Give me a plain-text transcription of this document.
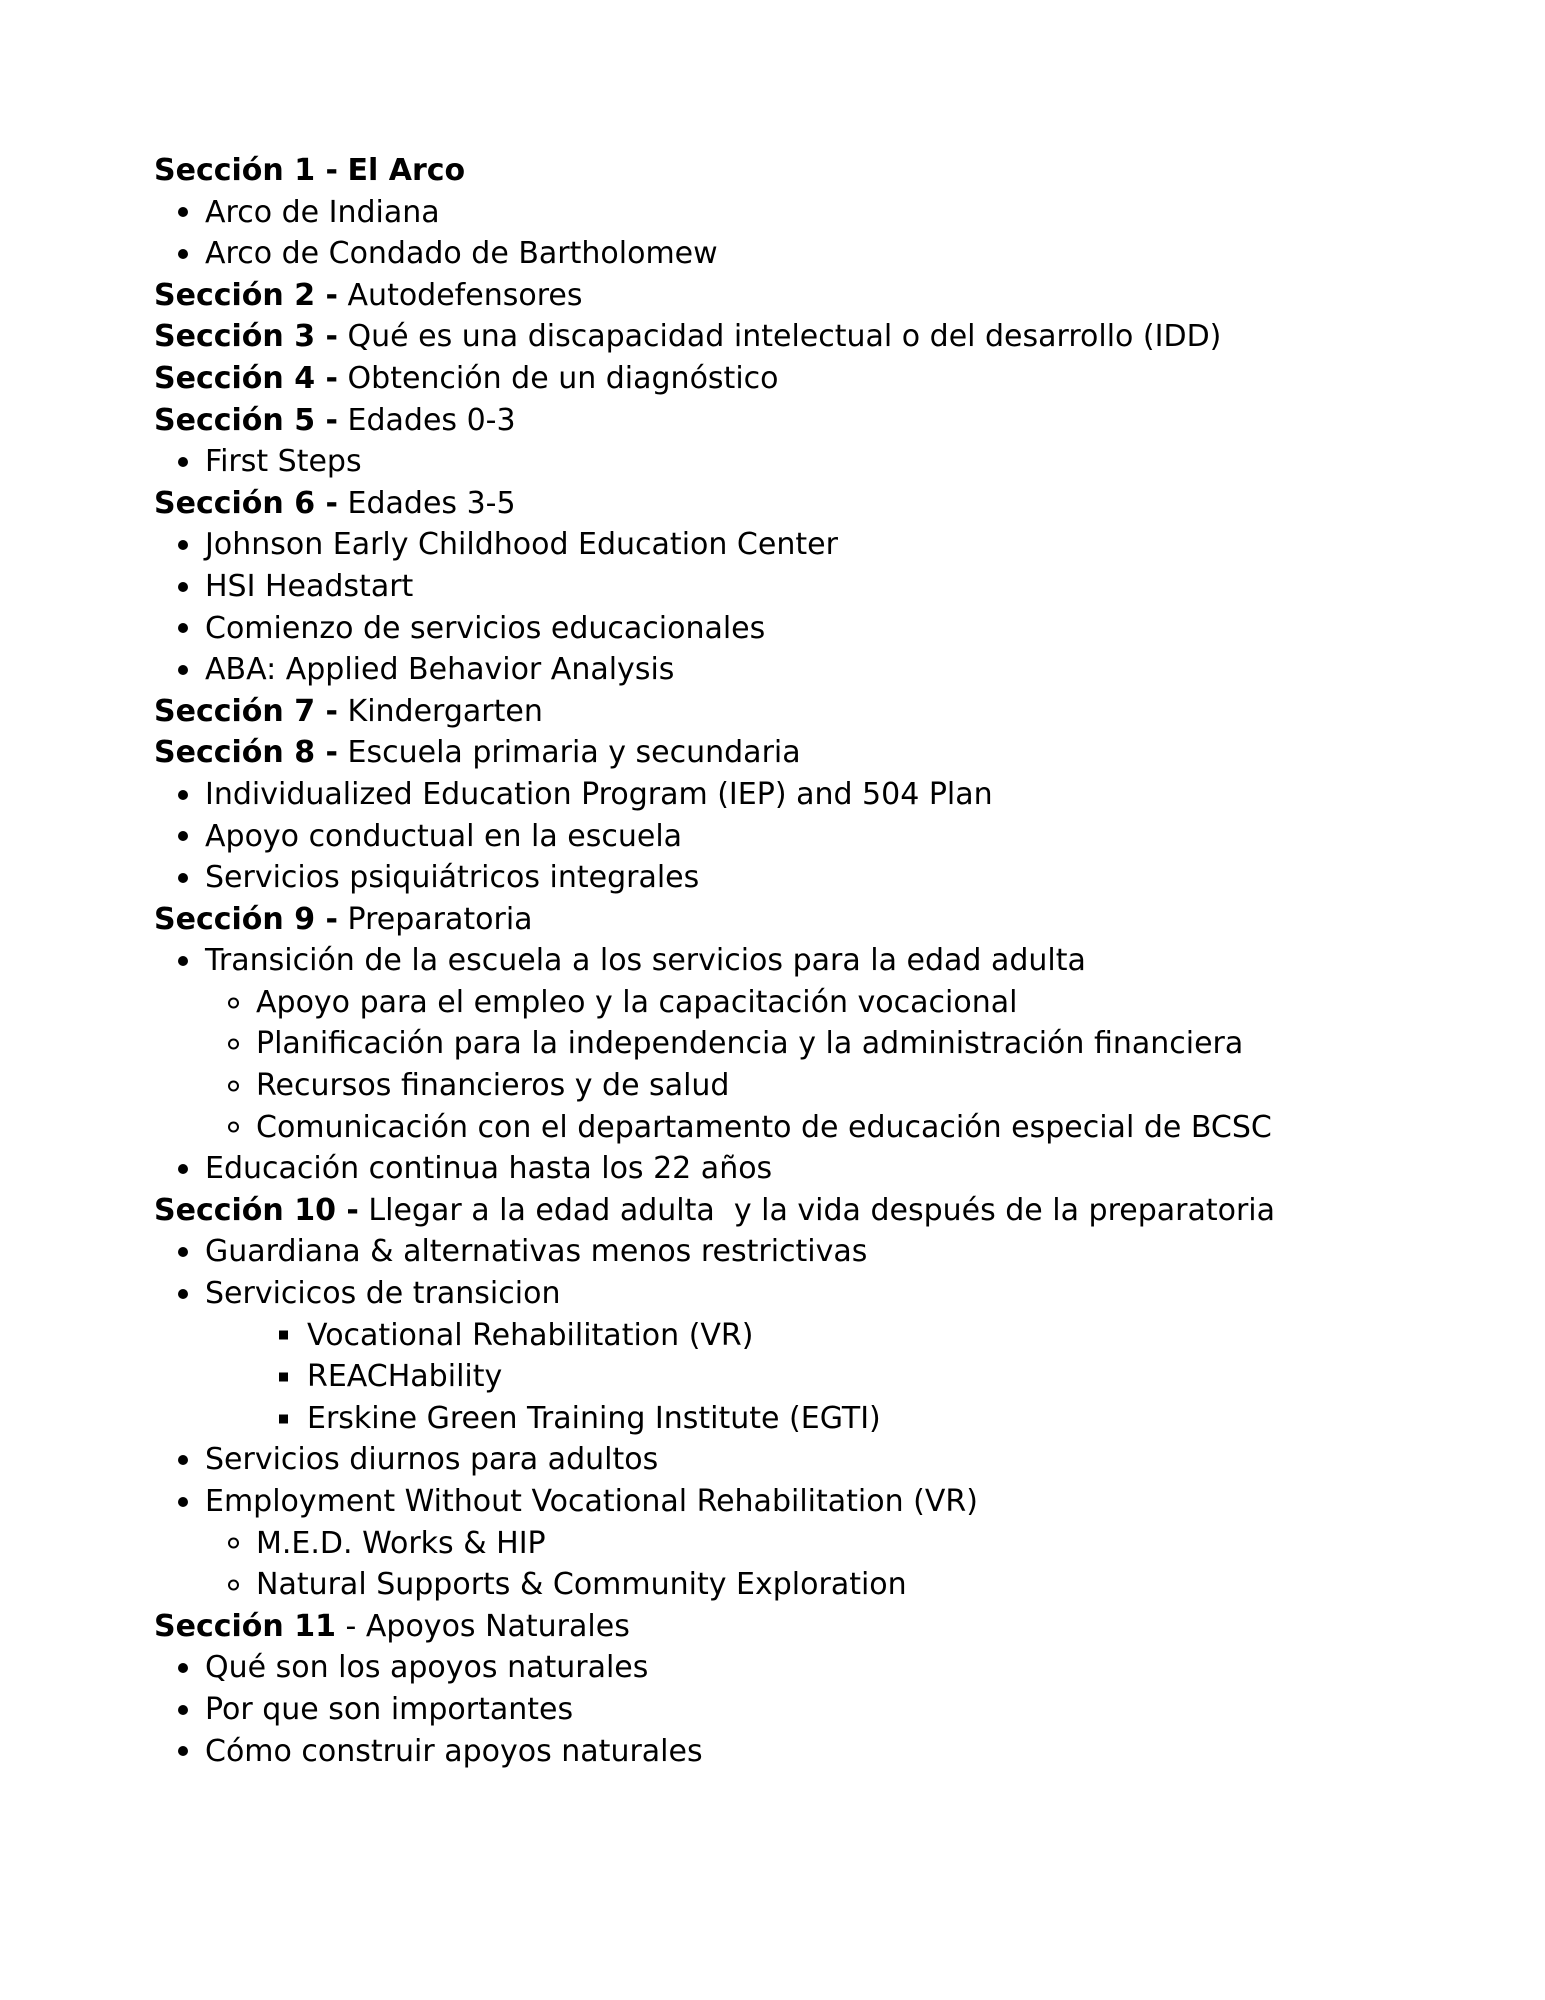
Sección 1 - El Arco
Arco de Indiana
Arco de Condado de Bartholomew
Sección 2 - Autodefensores
Sección 3 - Qué es una discapacidad intelectual o del desarrollo (IDD)
Sección 4 - Obtención de un diagnóstico
Sección 5 - Edades 0-3
First Steps
Sección 6 - Edades 3-5
Johnson Early Childhood Education Center
HSI Headstart
Comienzo de servicios educacionales
ABA: Applied Behavior Analysis
Sección 7 - Kindergarten
Sección 8 - Escuela primaria y secundaria
Individualized Education Program (IEP) and 504 Plan
Apoyo conductual en la escuela
Servicios psiquiátricos integrales
Sección 9 - Preparatoria
Transición de la escuela a los servicios para la edad adulta
Apoyo para el empleo y la capacitación vocacional
Planificación para la independencia y la administración financiera
Recursos financieros y de salud
Comunicación con el departamento de educación especial de BCSC
Educación continua hasta los 22 años
Sección 10 - Llegar a la edad adulta  y la vida después de la preparatoria
Guardiana & alternativas menos restrictivas
Servicicos de transicion
Vocational Rehabilitation (VR)
REACHability
Erskine Green Training Institute (EGTI)
Servicios diurnos para adultos
Employment Without Vocational Rehabilitation (VR)
M.E.D. Works & HIP
Natural Supports & Community Exploration
Sección 11 - Apoyos Naturales
Qué son los apoyos naturales
Por que son importantes
Cómo construir apoyos naturales
